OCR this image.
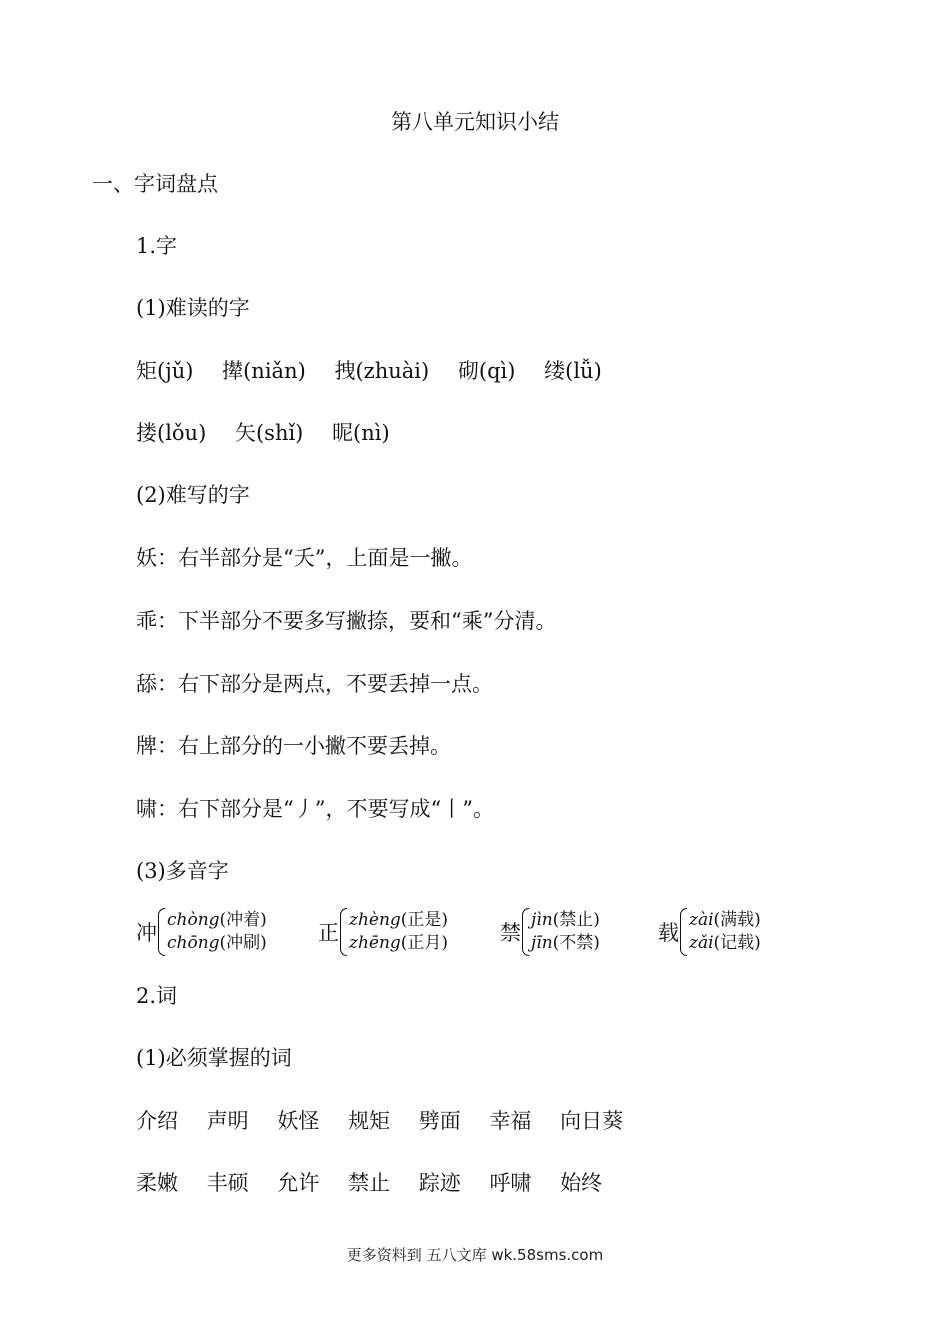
第八单元知识小结
一、字词盘点
1.字
(1)难读的字
矩(jǔ) 撵(niǎn) 拽(zhuài) 砌(qì) 缕(lǚ)
搂(lǒu) 矢(shǐ) 昵(nì)
(2)难写的字
妖：右半部分是“夭”，上面是一撇。
乖：下半部分不要多写撇捺，要和“乘”分清。
舔：右下部分是两点，不要丢掉一点。
牌：右上部分的一小撇不要丢掉。
啸：右下部分是“丿”，不要写成“丨”。
(3)多音字
冲
chòng(冲着)
chōng(冲刷) 正
zhèng(正是)
zhēng(正月) 禁
jìn(禁止)
jīn(不禁)	载
zài(满载)
zǎi(记载)
2.词
(1)必须掌握的词
介绍 声明 妖怪 规矩 劈面 幸福 向日葵
柔嫩 丰硕 允许 禁止 踪迹 呼啸 始终
更多资料到 五八文库 wk.58sms.com
